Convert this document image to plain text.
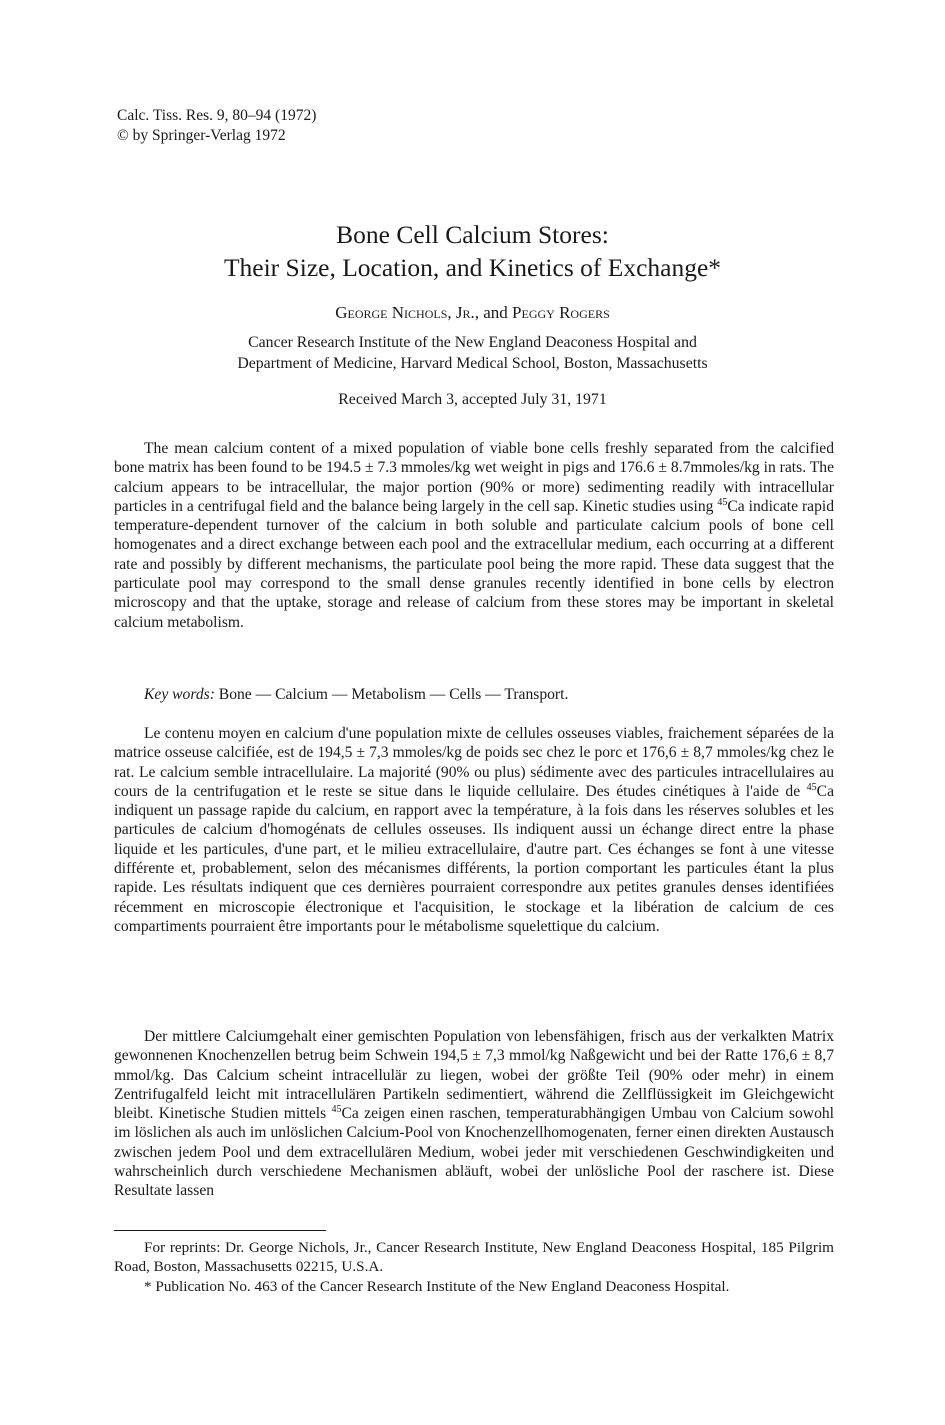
Calc. Tiss. Res. 9, 80–94 (1972)
© by Springer-Verlag 1972
Bone Cell Calcium Stores:
Their Size, Location, and Kinetics of Exchange*
George Nichols, Jr., and Peggy Rogers
Cancer Research Institute of the New England Deaconess Hospital and
Department of Medicine, Harvard Medical School, Boston, Massachusetts
Received March 3, accepted July 31, 1971

The mean calcium content of a mixed population of viable bone cells freshly separated from the calcified bone matrix has been found to be 194.5 ± 7.3 mmoles/kg wet weight in pigs and 176.6 ± 8.7mmoles/kg in rats. The calcium appears to be intracellular, the major portion (90% or more) sedimenting readily with intracellular particles in a centrifugal field and the balance being largely in the cell sap. Kinetic studies using $^{45}$Ca indicate rapid temperature-dependent turnover of the calcium in both soluble and particulate calcium pools of bone cell homogenates and a direct exchange between each pool and the extracellular medium, each occurring at a different rate and possibly by different mechanisms, the particulate pool being the more rapid. These data suggest that the particulate pool may correspond to the small dense granules recently identified in bone cells by electron microscopy and that the uptake, storage and release of calcium from these stores may be important in skeletal calcium metabolism.

Key words: Bone — Calcium — Metabolism — Cells — Transport.

Le contenu moyen en calcium d'une population mixte de cellules osseuses viables, fraichement séparées de la matrice osseuse calcifiée, est de 194,5 ± 7,3 mmoles/kg de poids sec chez le porc et 176,6 ± 8,7 mmoles/kg chez le rat. Le calcium semble intracellulaire. La majorité (90% ou plus) sédimente avec des particules intracellulaires au cours de la centrifugation et le reste se situe dans le liquide cellulaire. Des études cinétiques à l'aide de $^{45}$Ca indiquent un passage rapide du calcium, en rapport avec la température, à la fois dans les réserves solubles et les particules de calcium d'homogénats de cellules osseuses. Ils indiquent aussi un échange direct entre la phase liquide et les particules, d'une part, et le milieu extracellulaire, d'autre part. Ces échanges se font à une vitesse différente et, probablement, selon des mécanismes différents, la portion comportant les particules étant la plus rapide. Les résultats indiquent que ces dernières pourraient correspondre aux petites granules denses identifiées récemment en microscopie électronique et l'acquisition, le stockage et la libération de calcium de ces compartiments pourraient être importants pour le métabolisme squelettique du calcium.

Der mittlere Calciumgehalt einer gemischten Population von lebensfähigen, frisch aus der verkalkten Matrix gewonnenen Knochenzellen betrug beim Schwein 194,5 ± 7,3 mmol/kg Naßgewicht und bei der Ratte 176,6 ± 8,7 mmol/kg. Das Calcium scheint intracellulär zu liegen, wobei der größte Teil (90% oder mehr) in einem Zentrifugalfeld leicht mit intracellulären Partikeln sedimentiert, während die Zellflüssigkeit im Gleichgewicht bleibt. Kinetische Studien mittels $^{45}$Ca zeigen einen raschen, temperaturabhängigen Umbau von Calcium sowohl im löslichen als auch im unlöslichen Calcium-Pool von Knochenzellhomogenaten, ferner einen direkten Austausch zwischen jedem Pool und dem extracellulären Medium, wobei jeder mit verschiedenen Geschwindigkeiten und wahrscheinlich durch verschiedene Mechanismen abläuft, wobei der unlösliche Pool der raschere ist. Diese Resultate lassen

For reprints: Dr. George Nichols, Jr., Cancer Research Institute, New England Deaconess Hospital, 185 Pilgrim Road, Boston, Massachusetts 02215, U.S.A.

* Publication No. 463 of the Cancer Research Institute of the New England Deaconess Hospital.
